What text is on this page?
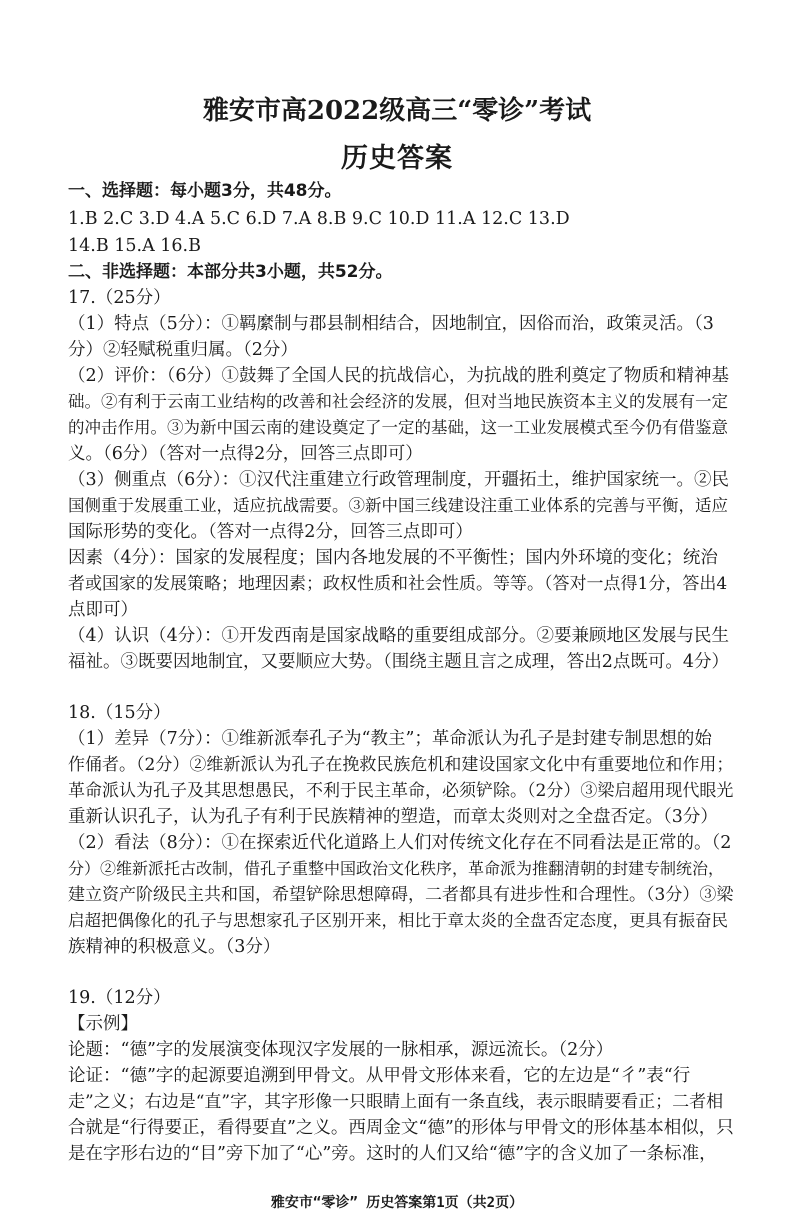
雅安市高2022级高三“零诊”考试
历史答案
一、选择题：每小题3分，共48分。
1.B 2.C 3.D 4.A 5.C 6.D 7.A 8.B 9.C 10.D 11.A 12.C 13.D
14.B 15.A 16.B
二、非选择题：本部分共3小题，共52分。
17.（25分）
（1）特点（5分）：①羁縻制与郡县制相结合，因地制宜，因俗而治，政策灵活。（3
分）②轻赋税重归属。（2分）
（2）评价：（6分）①鼓舞了全国人民的抗战信心，为抗战的胜利奠定了物质和精神基
础。②有利于云南工业结构的改善和社会经济的发展，但对当地民族资本主义的发展有一定
的冲击作用。③为新中国云南的建设奠定了一定的基础，这一工业发展模式至今仍有借鉴意
义。（6分）（答对一点得2分，回答三点即可）
（3）侧重点（6分）：①汉代注重建立行政管理制度，开疆拓土，维护国家统一。②民
国侧重于发展重工业，适应抗战需要。③新中国三线建设注重工业体系的完善与平衡，适应
国际形势的变化。（答对一点得2分，回答三点即可）
因素（4分）：国家的发展程度；国内各地发展的不平衡性；国内外环境的变化；统治
者或国家的发展策略；地理因素；政权性质和社会性质。等等。（答对一点得1分，答出4
点即可）
（4）认识（4分）：①开发西南是国家战略的重要组成部分。②要兼顾地区发展与民生
福祉。③既要因地制宜，又要顺应大势。（围绕主题且言之成理，答出2点既可。4分）
18.（15分）
（1）差异（7分）：①维新派奉孔子为“教主”；革命派认为孔子是封建专制思想的始
作俑者。（2分）②维新派认为孔子在挽救民族危机和建设国家文化中有重要地位和作用；
革命派认为孔子及其思想愚民，不利于民主革命，必须铲除。（2分）③梁启超用现代眼光
重新认识孔子，认为孔子有利于民族精神的塑造，而章太炎则对之全盘否定。（3分）
（2）看法（8分）：①在探索近代化道路上人们对传统文化存在不同看法是正常的。（2
分）②维新派托古改制，借孔子重整中国政治文化秩序，革命派为推翻清朝的封建专制统治，
建立资产阶级民主共和国，希望铲除思想障碍，二者都具有进步性和合理性。（3分）③梁
启超把偶像化的孔子与思想家孔子区别开来，相比于章太炎的全盘否定态度，更具有振奋民
族精神的积极意义。（3分）
19.（12分）
【示例】
论题：“德”字的发展演变体现汉字发展的一脉相承，源远流长。（2分）
论证：“德”字的起源要追溯到甲骨文。从甲骨文形体来看，它的左边是“彳”表“行
走”之义；右边是“直”字，其字形像一只眼睛上面有一条直线，表示眼睛要看正；二者相
合就是“行得要正，看得要直”之义。西周金文“德”的形体与甲骨文的形体基本相似，只
是在字形右边的“目”旁下加了“心”旁。这时的人们又给“德”字的含义加了一条标准，
雅安市“零诊” 历史答案第1页（共2页）
